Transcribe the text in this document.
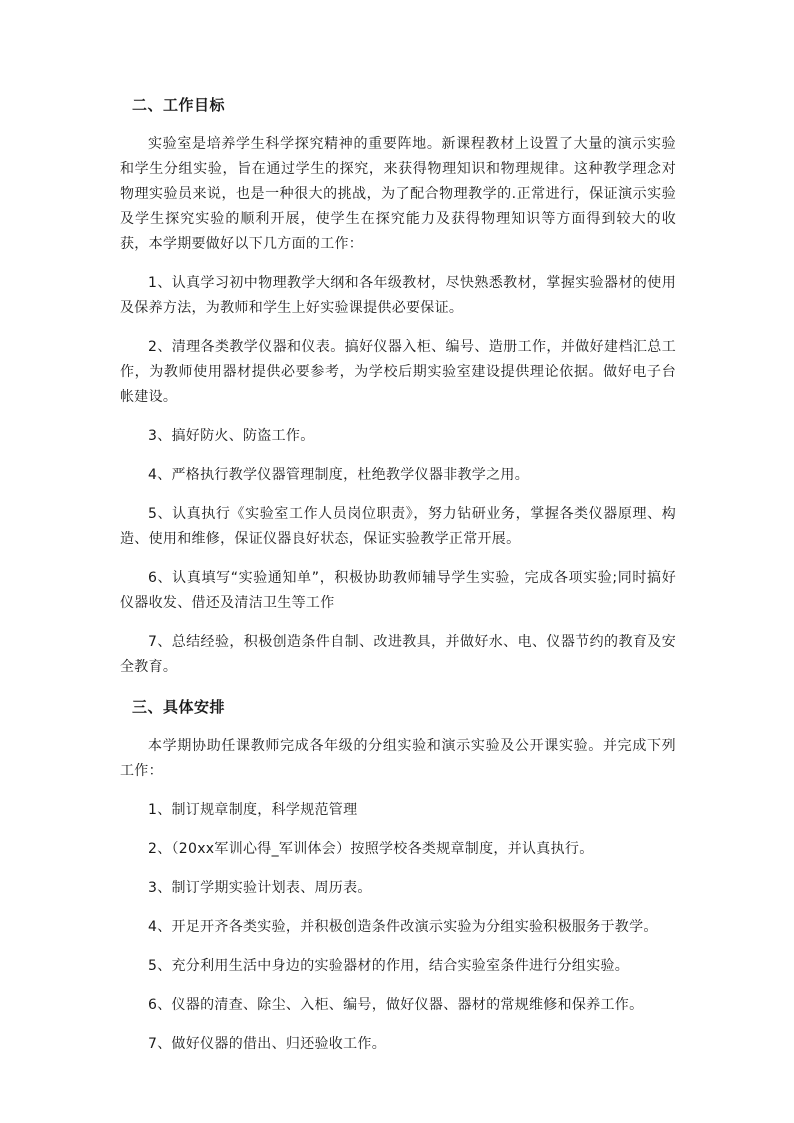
二、工作目标

实验室是培养学生科学探究精神的重要阵地。新课程教材上设置了大量的演示实验和学生分组实验，旨在通过学生的探究，来获得物理知识和物理规律。这种教学理念对物理实验员来说，也是一种很大的挑战，为了配合物理教学的.正常进行，保证演示实验及学生探究实验的顺利开展，使学生在探究能力及获得物理知识等方面得到较大的收获，本学期要做好以下几方面的工作：

1、认真学习初中物理教学大纲和各年级教材，尽快熟悉教材，掌握实验器材的使用及保养方法，为教师和学生上好实验课提供必要保证。

2、清理各类教学仪器和仪表。搞好仪器入柜、编号、造册工作，并做好建档汇总工作，为教师使用器材提供必要参考，为学校后期实验室建设提供理论依据。做好电子台帐建设。

3、搞好防火、防盗工作。

4、严格执行教学仪器管理制度，杜绝教学仪器非教学之用。

5、认真执行《实验室工作人员岗位职责》，努力钻研业务，掌握各类仪器原理、构造、使用和维修，保证仪器良好状态，保证实验教学正常开展。

6、认真填写“实验通知单”，积极协助教师辅导学生实验，完成各项实验;同时搞好仪器收发、借还及清洁卫生等工作

7、总结经验，积极创造条件自制、改进教具，并做好水、电、仪器节约的教育及安全教育。

三、具体安排

本学期协助任课教师完成各年级的分组实验和演示实验及公开课实验。并完成下列工作：

1、制订规章制度，科学规范管理

2、（20xx军训心得_军训体会）按照学校各类规章制度，并认真执行。

3、制订学期实验计划表、周历表。

4、开足开齐各类实验，并积极创造条件改演示实验为分组实验积极服务于教学。

5、充分利用生活中身边的实验器材的作用，结合实验室条件进行分组实验。

6、仪器的清查、除尘、入柜、编号，做好仪器、器材的常规维修和保养工作。

7、做好仪器的借出、归还验收工作。
